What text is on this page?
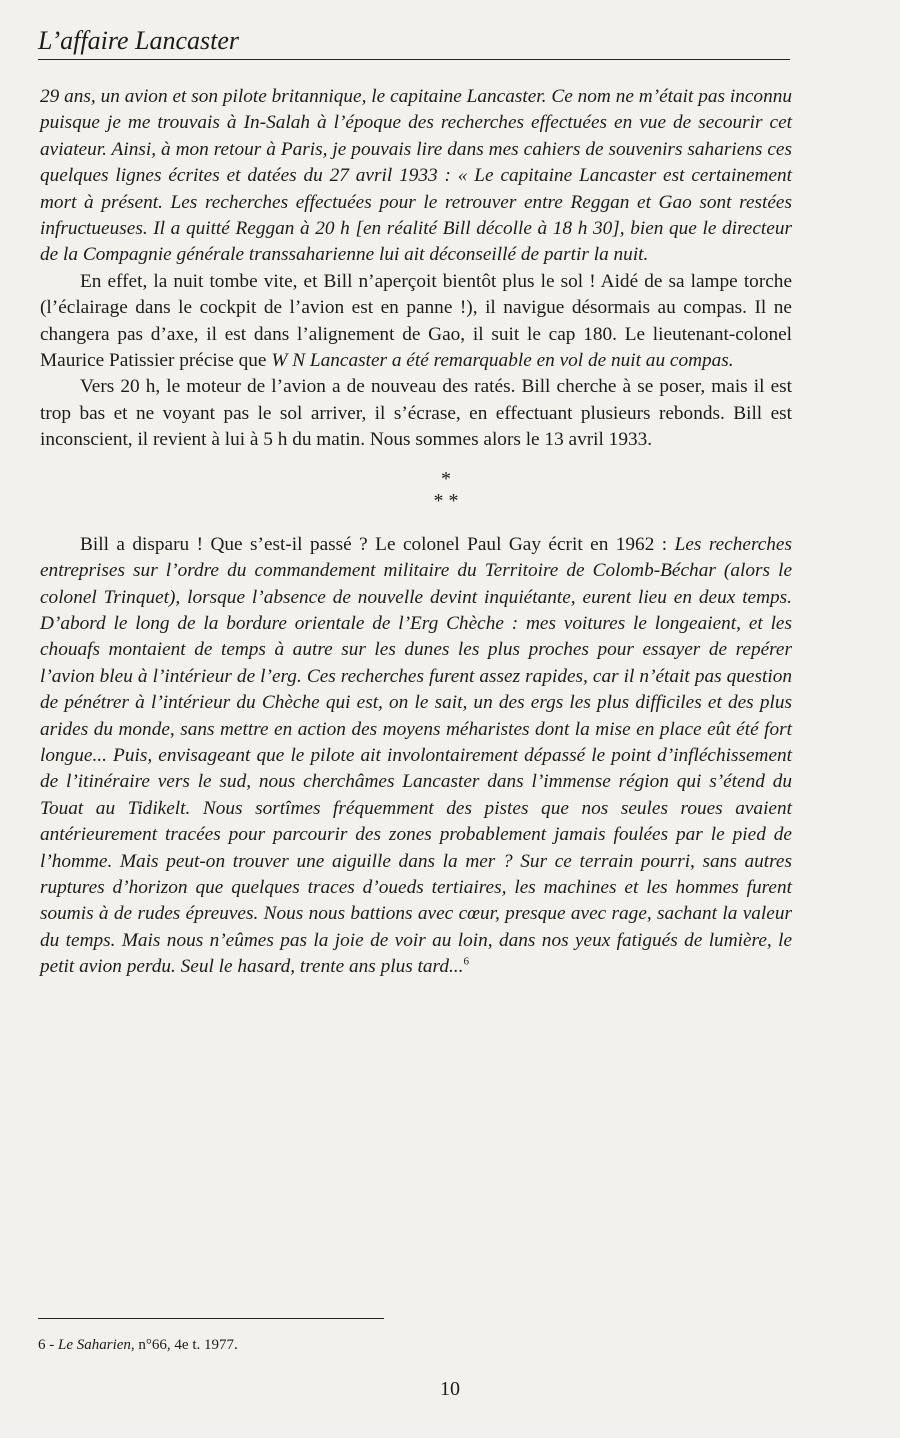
L’affaire Lancaster

29 ans, un avion et son pilote britannique, le capitaine Lancaster. Ce nom ne m’était pas inconnu puisque je me trouvais à In-Salah à l’époque des recherches effectuées en vue de secourir cet aviateur. Ainsi, à mon retour à Paris, je pouvais lire dans mes cahiers de souvenirs sahariens ces quelques lignes écrites et datées du 27 avril 1933 : « Le capitaine Lancaster est certainement mort à présent. Les recherches effectuées pour le retrouver entre Reggan et Gao sont restées infructueuses. Il a quitté Reggan à 20 h [en réalité Bill décolle à 18 h 30], bien que le directeur de la Compagnie générale transsaharienne lui ait déconseillé de partir la nuit.

En effet, la nuit tombe vite, et Bill n’aperçoit bientôt plus le sol ! Aidé de sa lampe torche (l’éclairage dans le cockpit de l’avion est en panne !), il navigue désormais au compas. Il ne changera pas d’axe, il est dans l’alignement de Gao, il suit le cap 180. Le lieutenant-colonel Maurice Patissier précise que W N Lancaster a été remarquable en vol de nuit au compas.

Vers 20 h, le moteur de l’avion a de nouveau des ratés. Bill cherche à se poser, mais il est trop bas et ne voyant pas le sol arriver, il s’écrase, en effectuant plusieurs rebonds. Bill est inconscient, il revient à lui à 5 h du matin. Nous sommes alors le 13 avril 1933.

*
* *

Bill a disparu ! Que s’est-il passé ? Le colonel Paul Gay écrit en 1962 : Les recherches entreprises sur l’ordre du commandement militaire du Territoire de Colomb-Béchar (alors le colonel Trinquet), lorsque l’absence de nouvelle devint inquiétante, eurent lieu en deux temps. D’abord le long de la bordure orientale de l’Erg Chèche : mes voitures le longeaient, et les chouafs montaient de temps à autre sur les dunes les plus proches pour essayer de repérer l’avion bleu à l’intérieur de l’erg. Ces recherches furent assez rapides, car il n’était pas question de pénétrer à l’intérieur du Chèche qui est, on le sait, un des ergs les plus difficiles et des plus arides du monde, sans mettre en action des moyens méharistes dont la mise en place eût été fort longue... Puis, envisageant que le pilote ait involontairement dépassé le point d’infléchissement de l’itinéraire vers le sud, nous cherchâmes Lancaster dans l’immense région qui s’étend du Touat au Tidikelt. Nous sortîmes fréquemment des pistes que nos seules roues avaient antérieurement tracées pour parcourir des zones probablement jamais foulées par le pied de l’homme. Mais peut-on trouver une aiguille dans la mer ? Sur ce terrain pourri, sans autres ruptures d’horizon que quelques traces d’oueds tertiaires, les machines et les hommes furent soumis à de rudes épreuves. Nous nous battions avec cœur, presque avec rage, sachant la valeur du temps. Mais nous n’eûmes pas la joie de voir au loin, dans nos yeux fatigués de lumière, le petit avion perdu. Seul le hasard, trente ans plus tard...$^6$

6 - Le Saharien, n°66, 4e t. 1977.
10
